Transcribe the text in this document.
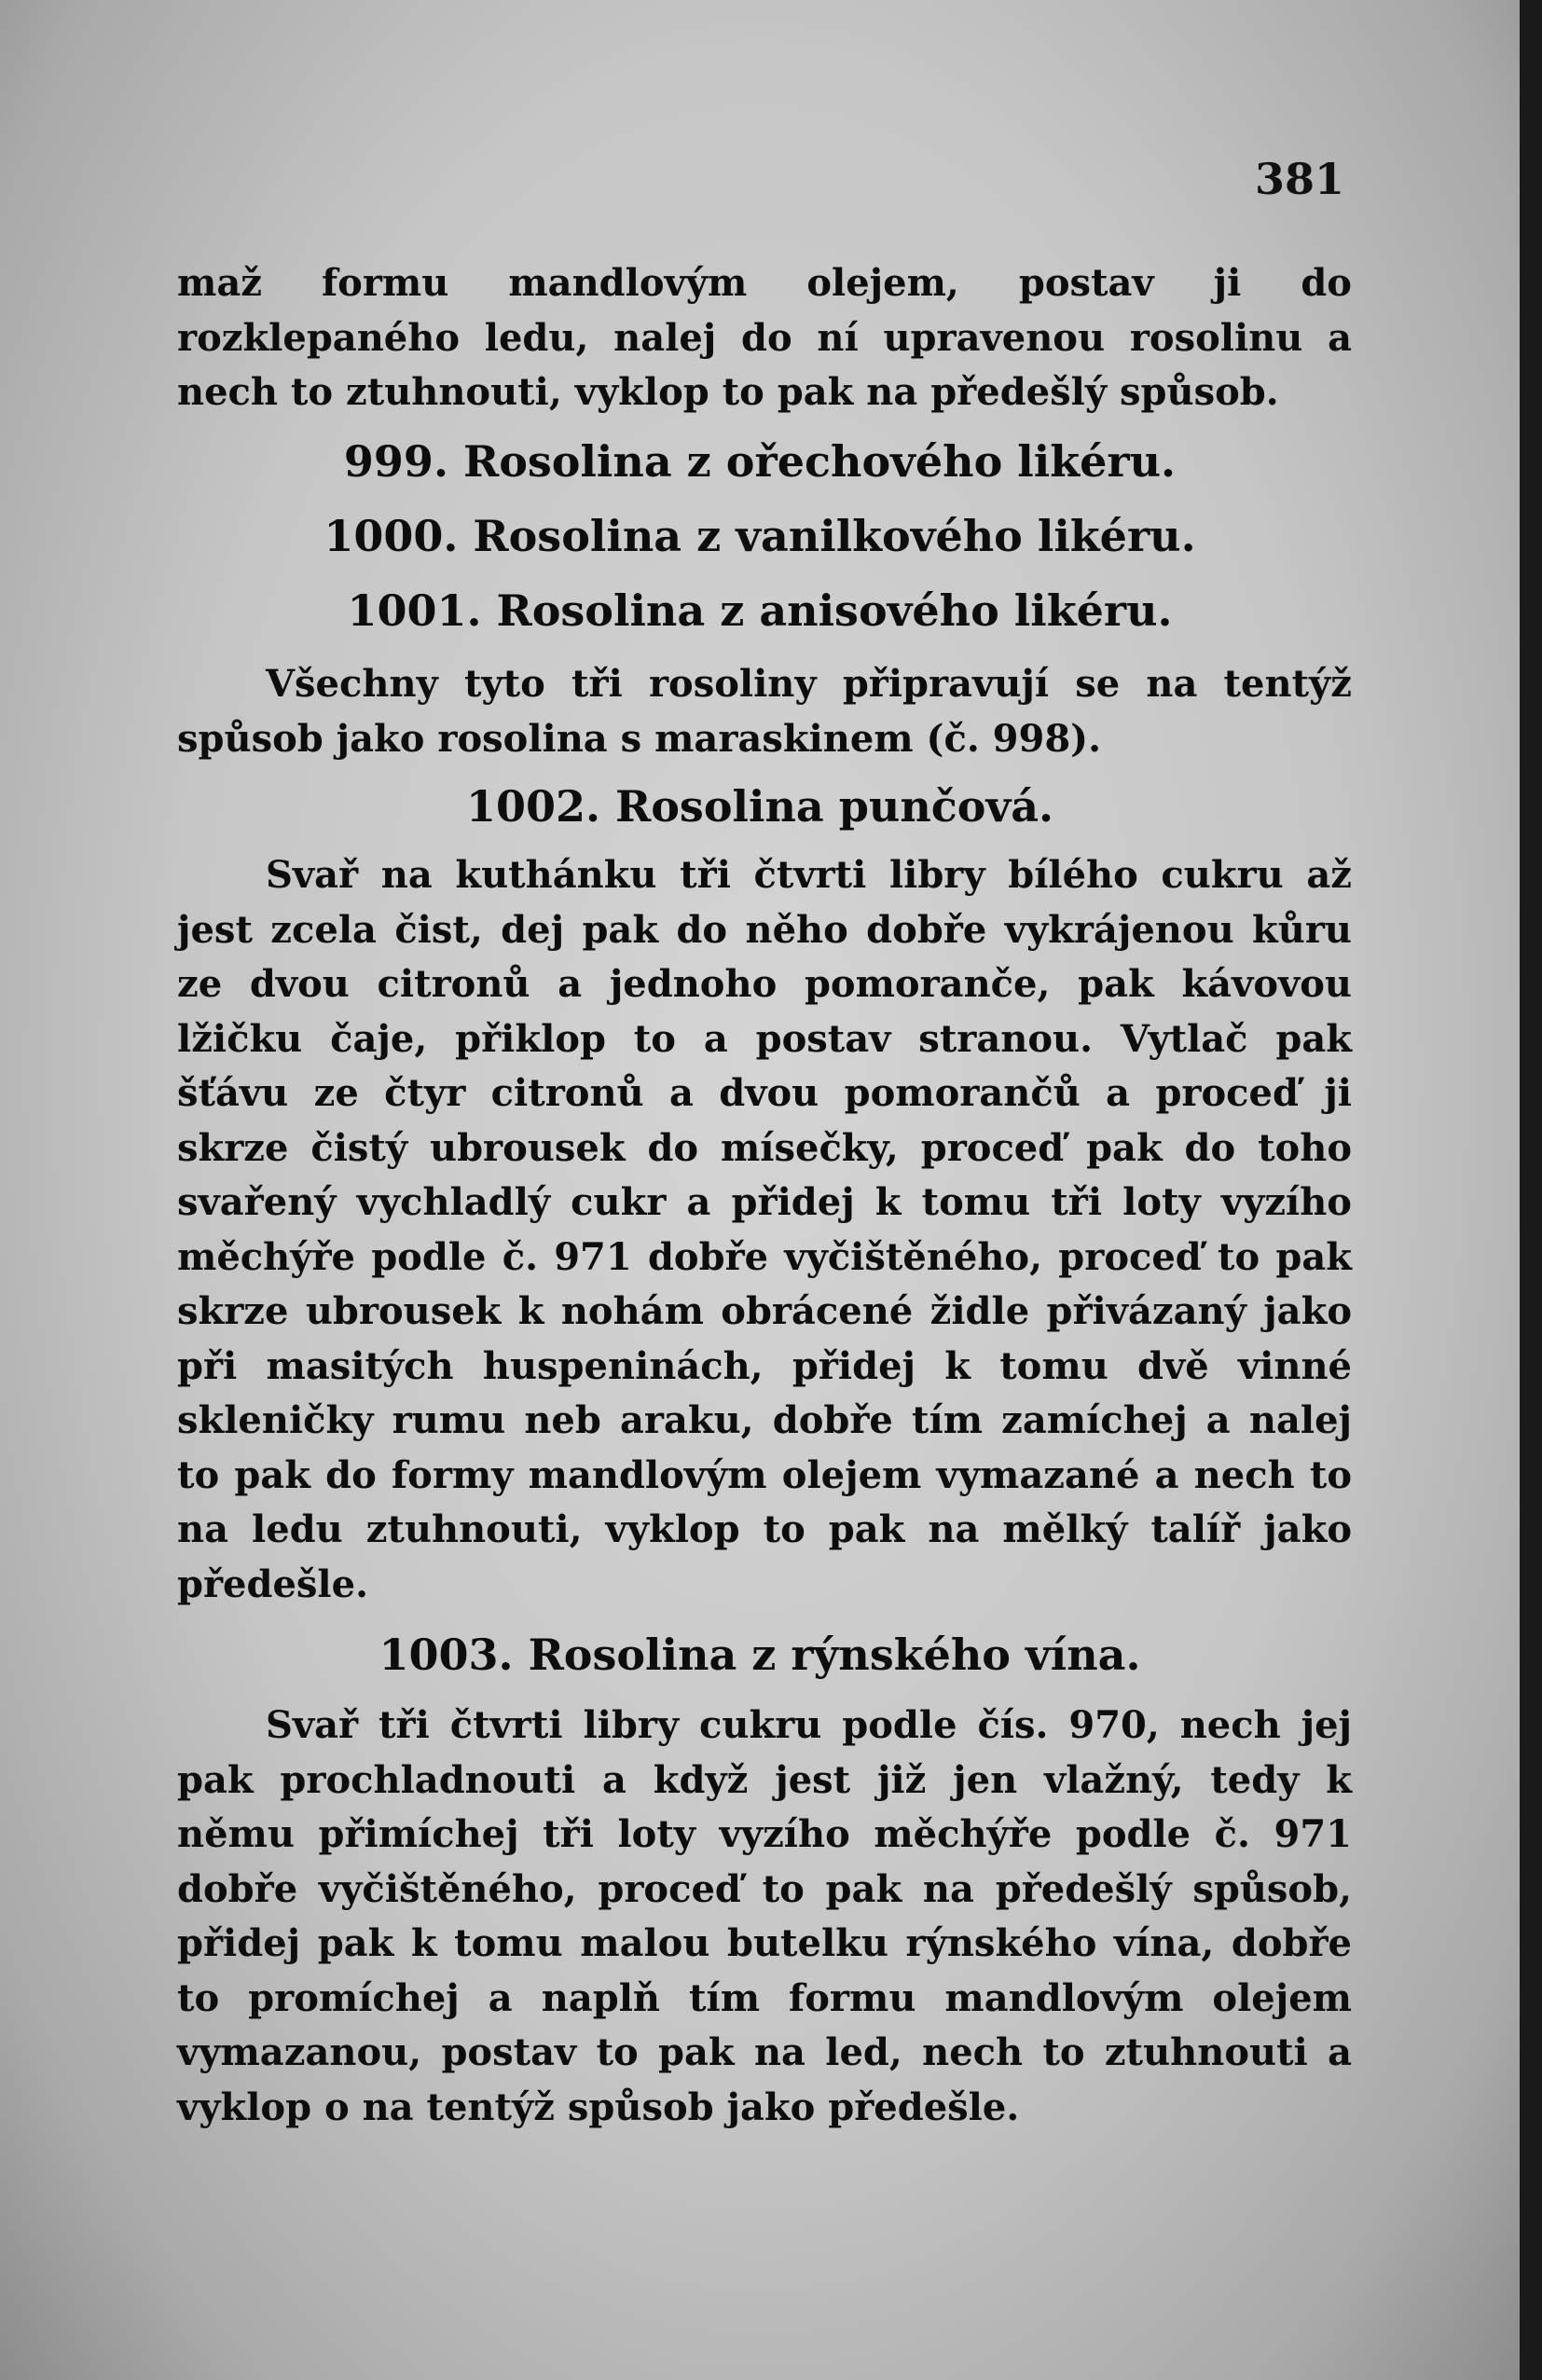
381
maž formu mandlovým olejem, postav ji do rozklepaného ledu, nalej do ní upravenou rosolinu a nech to ztuhnouti, vyklop to pak na předešlý spůsob.
999. Rosolina z ořechového likéru.
1000. Rosolina z vanilkového likéru.
1001. Rosolina z anisového likéru.
Všechny tyto tři rosoliny připravují se na tentýž spůsob jako rosolina s maraskinem (č. 998).
1002. Rosolina punčová.
Svař na kuthánku tři čtvrti libry bílého cukru až jest zcela čist, dej pak do něho dobře vykrájenou kůru ze dvou citronů a jednoho pomoranče, pak kávovou lžičku čaje, přiklop to a postav stranou. Vytlač pak šťávu ze čtyr citronů a dvou pomorančů a proceď ji skrze čistý ubrousek do mísečky, proceď pak do toho svařený vychladlý cukr a přidej k tomu tři loty vyzího měchýře podle č. 971 dobře vyčištěného, proceď to pak skrze ubrousek k nohám obrácené židle přivázaný jako při masitých huspeninách, přidej k tomu dvě vinné skleničky rumu neb araku, dobře tím zamíchej a nalej to pak do formy mandlovým olejem vymazané a nech to na ledu ztuhnouti, vyklop to pak na mělký talíř jako předešle.
1003. Rosolina z rýnského vína.
Svař tři čtvrti libry cukru podle čís. 970, nech jej pak prochladnouti a když jest již jen vlažný, tedy k němu přimíchej tři loty vyzího měchýře podle č. 971 dobře vyčištěného, proceď to pak na předešlý spůsob, přidej pak k tomu malou butelku rýnského vína, dobře to promíchej a naplň tím formu mandlovým olejem vymazanou, postav to pak na led, nech to ztuhnouti a vyklop o na tentýž spůsob jako předešle.
